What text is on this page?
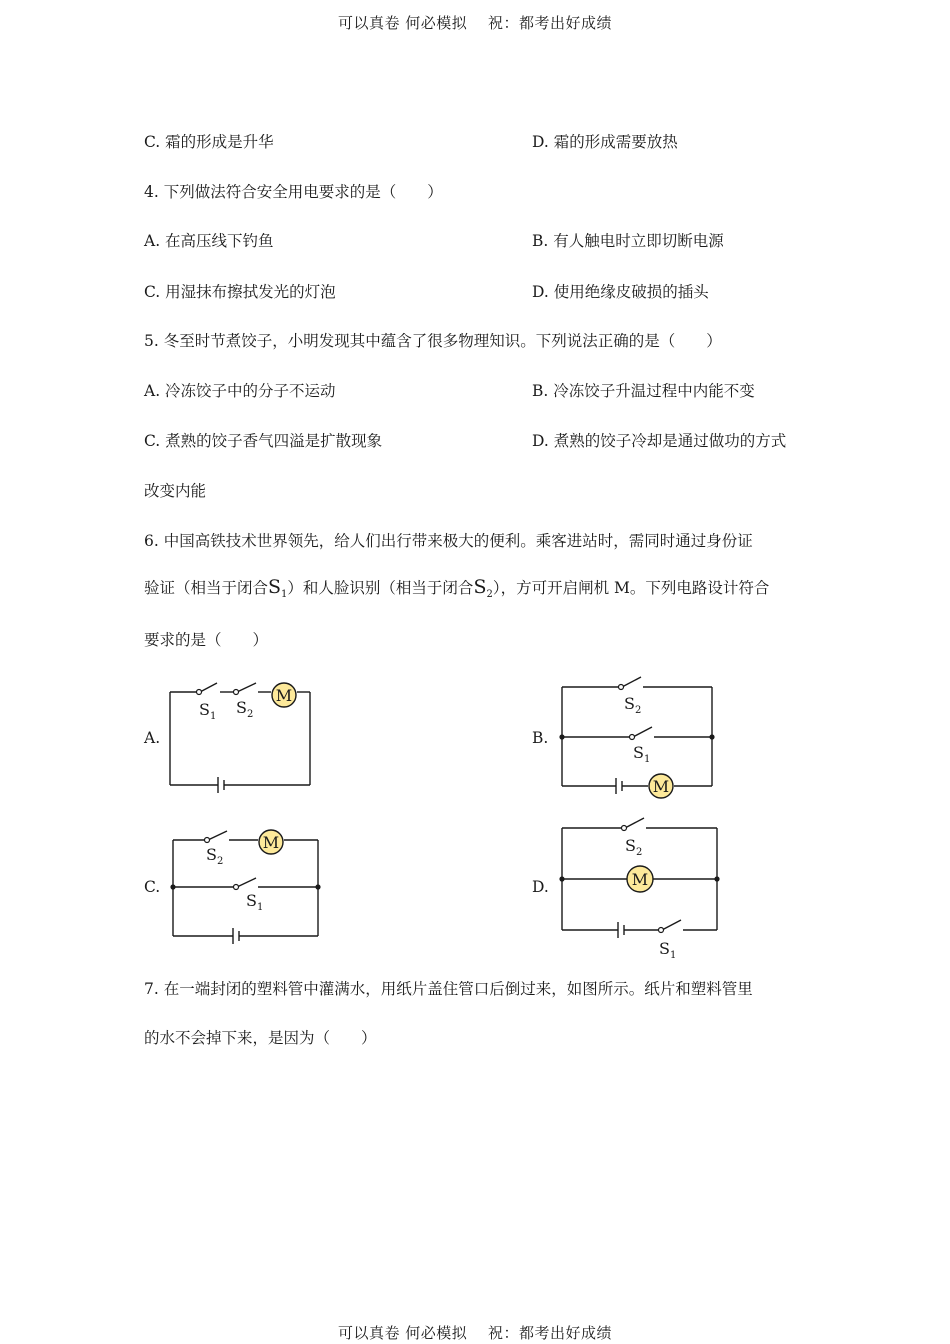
可以真卷 何必模拟　 祝：都考出好成绩
C. 霜的形成是升华	D. 霜的形成需要放热
4. 下列做法符合安全用电要求的是（　　）
A. 在高压线下钓鱼	B. 有人触电时立即切断电源
C. 用湿抹布擦拭发光的灯泡	D. 使用绝缘皮破损的插头
5. 冬至时节煮饺子，小明发现其中蕴含了很多物理知识。下列说法正确的是（　　）
A. 冷冻饺子中的分子不运动	B. 冷冻饺子升温过程中内能不变
C. 煮熟的饺子香气四溢是扩散现象	D. 煮熟的饺子冷却是通过做功的方式
改变内能
6. 中国高铁技术世界领先，给人们出行带来极大的便利。乘客进站时，需同时通过身份证
验证（相当于闭合$S_1$）和人脸识别（相当于闭合$S_2$），方可开启闸机 M。下列电路设计符合
要求的是（　　）
A.	B.
C.	D.
M
$S_1$ $S_2$
M
$S_2$
$S_1$
M
$S_2$
$S_1$
M
$S_2$
$S_1$
7. 在一端封闭的塑料管中灌满水，用纸片盖住管口后倒过来，如图所示。纸片和塑料管里
的水不会掉下来，是因为（　　）
可以真卷 何必模拟　 祝：都考出好成绩
